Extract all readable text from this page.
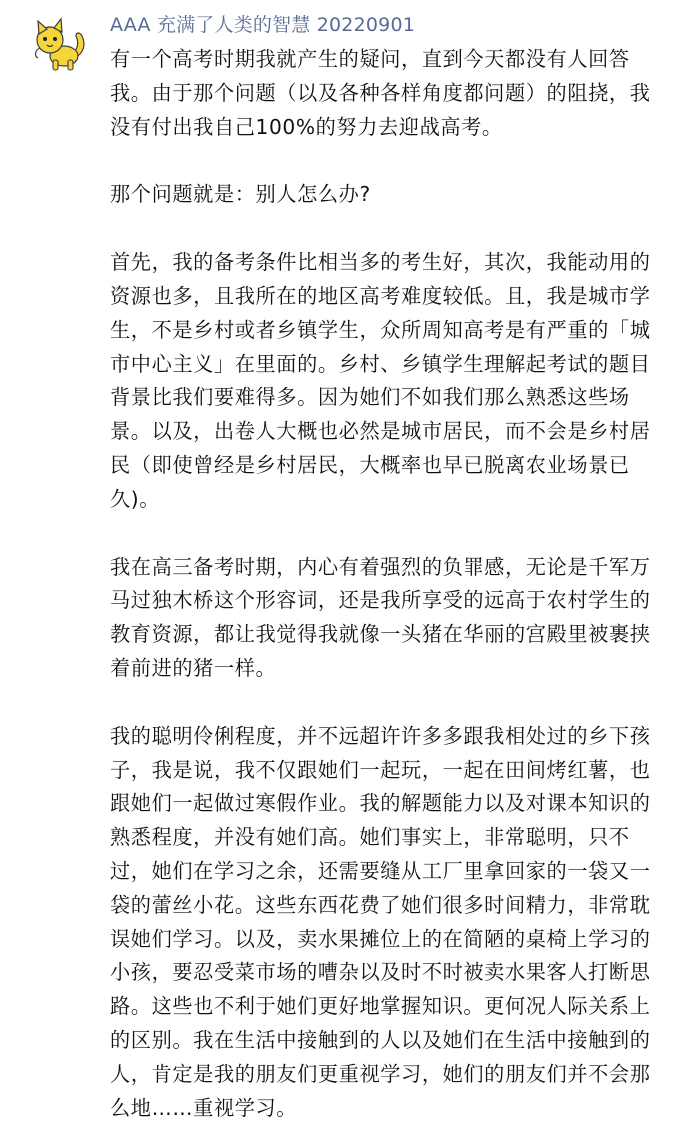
AAA 充满了人类的智慧 20220901

有一个高考时期我就产生的疑问，直到今天都没有人回答我。由于那个问题（以及各种各样角度都问题）的阻挠，我没有付出我自己100%的努力去迎战高考。

那个问题就是：别人怎么办?

首先，我的备考条件比相当多的考生好，其次，我能动用的资源也多，且我所在的地区高考难度较低。且，我是城市学生，不是乡村或者乡镇学生，众所周知高考是有严重的「城市中心主义」在里面的。乡村、乡镇学生理解起考试的题目背景比我们要难得多。因为她们不如我们那么熟悉这些场景。以及，出卷人大概也必然是城市居民，而不会是乡村居民（即使曾经是乡村居民，大概率也早已脱离农业场景已久)。

我在高三备考时期，内心有着强烈的负罪感，无论是千军万马过独木桥这个形容词，还是我所享受的远高于农村学生的教育资源，都让我觉得我就像一头猪在华丽的宫殿里被裹挟着前进的猪一样。

我的聪明伶俐程度，并不远超许许多多跟我相处过的乡下孩子，我是说，我不仅跟她们一起玩，一起在田间烤红薯，也跟她们一起做过寒假作业。我的解题能力以及对课本知识的熟悉程度，并没有她们高。她们事实上，非常聪明，只不过，她们在学习之余，还需要缝从工厂里拿回家的一袋又一袋的蕾丝小花。这些东西花费了她们很多时间精力，非常耽误她们学习。以及，卖水果摊位上的在简陋的桌椅上学习的小孩，要忍受菜市场的嘈杂以及时不时被卖水果客人打断思路。这些也不利于她们更好地掌握知识。更何况人际关系上的区别。我在生活中接触到的人以及她们在生活中接触到的人，肯定是我的朋友们更重视学习，她们的朋友们并不会那么地……重视学习。
